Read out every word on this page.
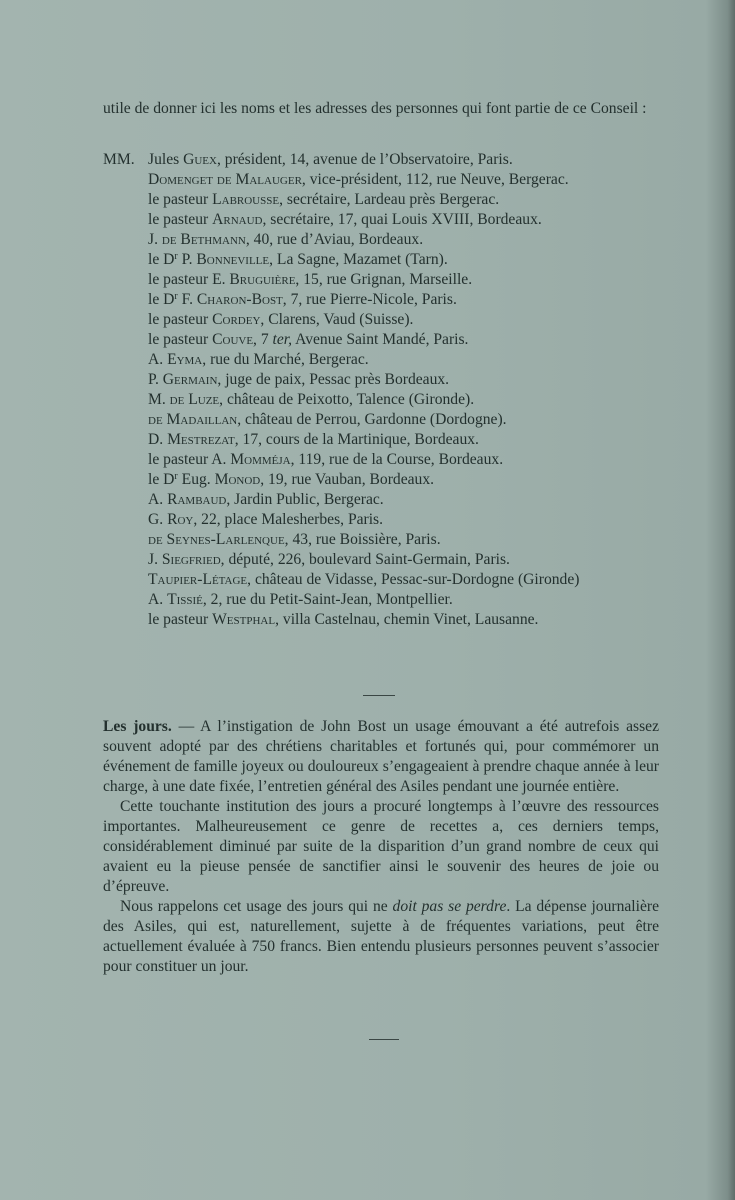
utile de donner ici les noms et les adresses des personnes qui font partie de ce Conseil :

MM. Jules Guex, président, 14, avenue de l’Observatoire, Paris.

Domenget de Malauger, vice-président, 112, rue Neuve, Bergerac.

le pasteur Labrousse, secrétaire, Lardeau près Bergerac.

le pasteur Arnaud, secrétaire, 17, quai Louis XVIII, Bordeaux.

J. de Bethmann, 40, rue d’Aviau, Bordeaux.

le $D^r$ P. Bonneville, La Sagne, Mazamet (Tarn).

le pasteur E. Bruguière, 15, rue Grignan, Marseille.

le $D^r$ F. Charon-Bost, 7, rue Pierre-Nicole, Paris.

le pasteur Cordey, Clarens, Vaud (Suisse).

le pasteur Couve, 7 ter, Avenue Saint Mandé, Paris.

A. Eyma, rue du Marché, Bergerac.

P. Germain, juge de paix, Pessac près Bordeaux.

M. de Luze, château de Peixotto, Talence (Gironde).

de Madaillan, château de Perrou, Gardonne (Dordogne).

D. Mestrezat, 17, cours de la Martinique, Bordeaux.

le pasteur A. Momméja, 119, rue de la Course, Bordeaux.

le $D^r$ Eug. Monod, 19, rue Vauban, Bordeaux.

A. Rambaud, Jardin Public, Bergerac.

G. Roy, 22, place Malesherbes, Paris.

de Seynes-Larlenque, 43, rue Boissière, Paris.

J. Siegfried, député, 226, boulevard Saint-Germain, Paris.

Taupier-Létage, château de Vidasse, Pessac-sur-Dordogne (Gironde)

A. Tissié, 2, rue du Petit-Saint-Jean, Montpellier.

le pasteur Westphal, villa Castelnau, chemin Vinet, Lausanne.

Les jours. — A l’instigation de John Bost un usage émouvant a été autrefois assez souvent adopté par des chrétiens charitables et fortunés qui, pour commémorer un événement de famille joyeux ou douloureux s’engageaient à prendre chaque année à leur charge, à une date fixée, l’entretien général des Asiles pendant une journée entière.

Cette touchante institution des jours a procuré longtemps à l’œuvre des ressources importantes. Malheureusement ce genre de recettes a, ces derniers temps, considérablement diminué par suite de la disparition d’un grand nombre de ceux qui avaient eu la pieuse pensée de sanctifier ainsi le souvenir des heures de joie ou d’épreuve.

Nous rappelons cet usage des jours qui ne doit pas se perdre. La dépense journalière des Asiles, qui est, naturellement, sujette à de fréquentes variations, peut être actuellement évaluée à 750 francs. Bien entendu plusieurs personnes peuvent s’associer pour constituer un jour.
